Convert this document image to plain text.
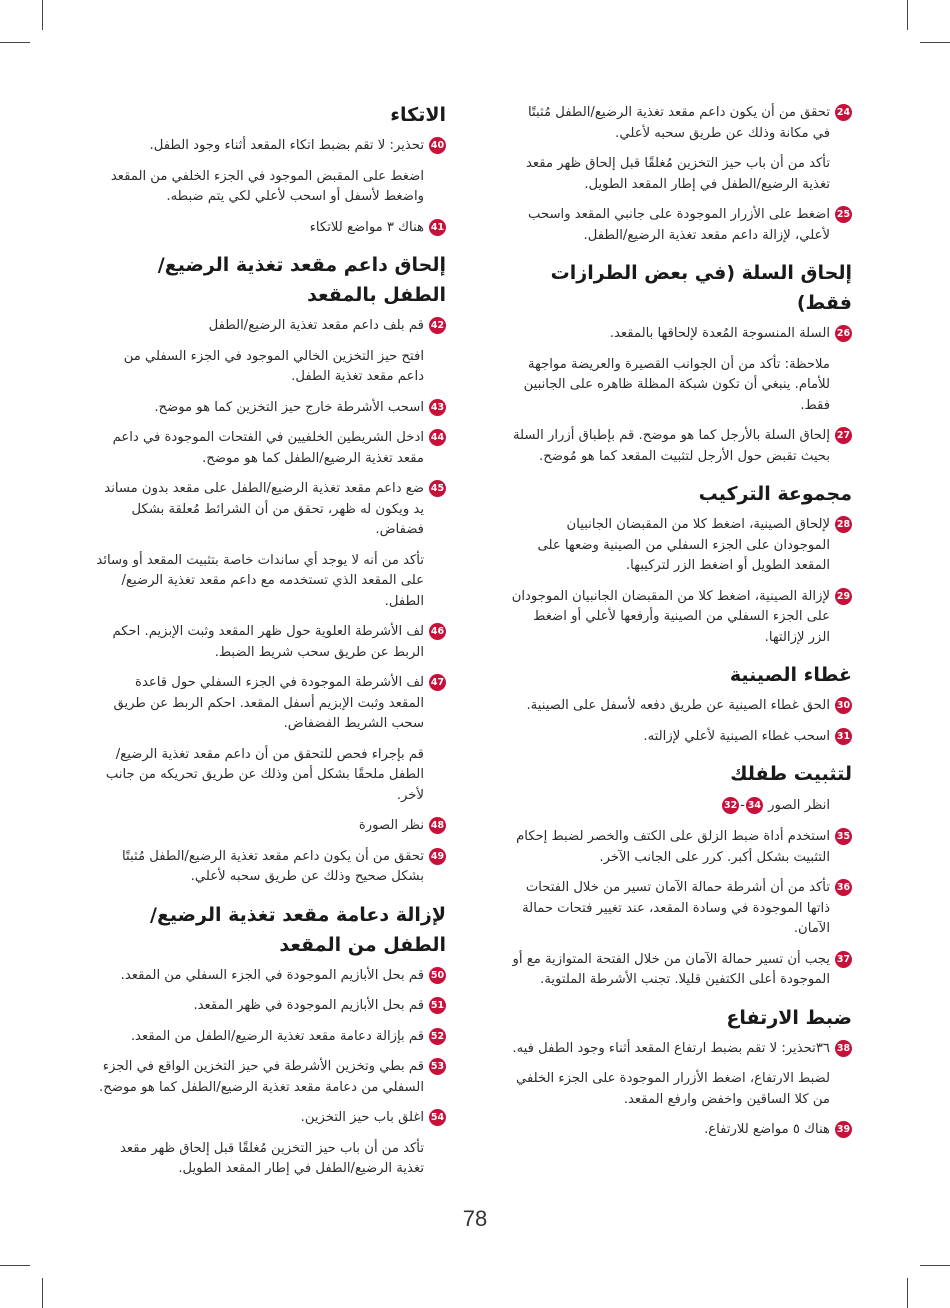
24
تحقق من أن يكون داعم مقعد تغذية الرضيع/الطفل مُثبتًا في مكانة وذلك عن طريق سحبه لأعلي.
تأكد من أن باب حيز التخزين مُغلقًا قبل إلحاق ظهر مقعد تغذية الرضيع/الطفل في إطار المقعد الطويل.
25
اضغط على الأزرار الموجودة على جانبي المقعد واسحب لأعلي، لإزالة داعم مقعد تغذية الرضيع/الطفل.
إلحاق السلة (في بعض الطرازات فقط)
26
السلة المنسوجة المُعدة لإلحاقها بالمقعد.
ملاحظة: تأكد من أن الجوانب القصيرة والعريضة مواجهة للأمام. ينبغي أن تكون شبكة المظلة ظاهره على الجانبين فقط.
27
إلحاق السلة بالأرجل كما هو موضح. قم بإطباق أزرار السلة بحيث تقبض حول الأرجل لتثبيت المقعد كما هو مُوضح.
مجموعة التركيب
28
لإلحاق الصينية، اضغط كلا من المقبضان الجانبيان الموجودان على الجزء السفلي من الصينية وضعها على المقعد الطويل أو اضغط الزر لتركيبها.
29
لإزالة الصينية، اضغط كلا من المقبضان الجانبيان الموجودان على الجزء السفلي من الصينية وأرفعها لأعلي أو اضغط الزر لإزالتها.
غطاء الصينية
30
الحق غطاء الصينية عن طريق دفعه لأسفل على الصينية.
31
اسحب غطاء الصينية لأعلي لإزالته.
لتثبيت طفلك
انظر الصور 34-32
35
استخدم أداة ضبط الزلق على الكتف والخصر لضبط إحكام التثبيت بشكل أكبر. كرر على الجانب الآخر.
36
تأكد من أن أشرطة حمالة الآمان تسير من خلال الفتحات ذاتها الموجودة في وسادة المقعد، عند تغيير فتحات حمالة الآمان.
37
يجب أن تسير حمالة الآمان من خلال الفتحة المتوازية مع أو الموجودة أعلى الكتفين قليلا. تجنب الأشرطة الملتوية.
ضبط الارتفاع
38
٣٦تحذير: لا تقم بضبط ارتفاع المقعد أثناء وجود الطفل فيه.
لضبط الارتفاع، اضغط الأزرار الموجودة على الجزء الخلفي من كلا الساقين واخفض وارفع المقعد.
39
هناك ٥ مواضع للارتفاع.
الاتكاء
40
تحذير: لا تقم بضبط اتكاء المقعد أثناء وجود الطفل.
اضغط على المقبض الموجود في الجزء الخلفي من المقعد واضغط لأسفل أو اسحب لأعلي لكي يتم ضبطه.
41
هناك ٣ مواضع للاتكاء
إلحاق داعم مقعد تغذية الرضيع/الطفل بالمقعد
42
قم بلف داعم مقعد تغذية الرضيع/الطفل
افتح حيز التخزين الخالي الموجود في الجزء السفلي من داعم مقعد تغذية الطفل.
43
اسحب الأشرطة خارج حيز التخزين كما هو موضح.
44
ادخل الشريطين الخلفيين في الفتحات الموجودة في داعم مقعد تغذية الرضيع/الطفل كما هو موضح.
45
ضع داعم مقعد تغذية الرضيع/الطفل على مقعد بدون مساند يد ويكون له ظهر، تحقق من أن الشرائط مُعلقة بشكل فضفاض.
تأكد من أنه لا يوجد أي ساندات خاصة بتثبيت المقعد أو وسائد على المقعد الذي تستخدمه مع داعم مقعد تغذية الرضيع/الطفل.
46
لف الأشرطة العلوية حول ظهر المقعد وثبت الإبزيم. احكم الربط عن طريق سحب شريط الضبط.
47
لف الأشرطة الموجودة في الجزء السفلي حول قاعدة المقعد وثبت الإبزيم أسفل المقعد. احكم الربط عن طريق سحب الشريط الفضفاض.
قم بإجراء فحص للتحقق من أن داعم مقعد تغذية الرضيع/الطفل ملحقًا بشكل أمن وذلك عن طريق تحريكه من جانب لأخر.
48
نظر الصورة
49
تحقق من أن يكون داعم مقعد تغذية الرضيع/الطفل مُثبتًا بشكل صحيح وذلك عن طريق سحبه لأعلي.
لإزالة دعامة مقعد تغذية الرضيع/الطفل من المقعد
50
قم بحل الأبازيم الموجودة في الجزء السفلي من المقعد.
51
قم بحل الأبازيم الموجودة في ظهر المقعد.
52
قم بإزالة دعامة مقعد تغذية الرضيع/الطفل من المقعد.
53
قم بطي وتخزين الأشرطة في حيز التخزين الواقع في الجزء السفلي من دعامة مقعد تغذية الرضيع/الطفل كما هو موضح.
54
اغلق باب حيز التخزين.
تأكد من أن باب حيز التخزين مُغلقًا قبل إلحاق ظهر مقعد تغذية الرضيع/الطفل في إطار المقعد الطويل.
78
